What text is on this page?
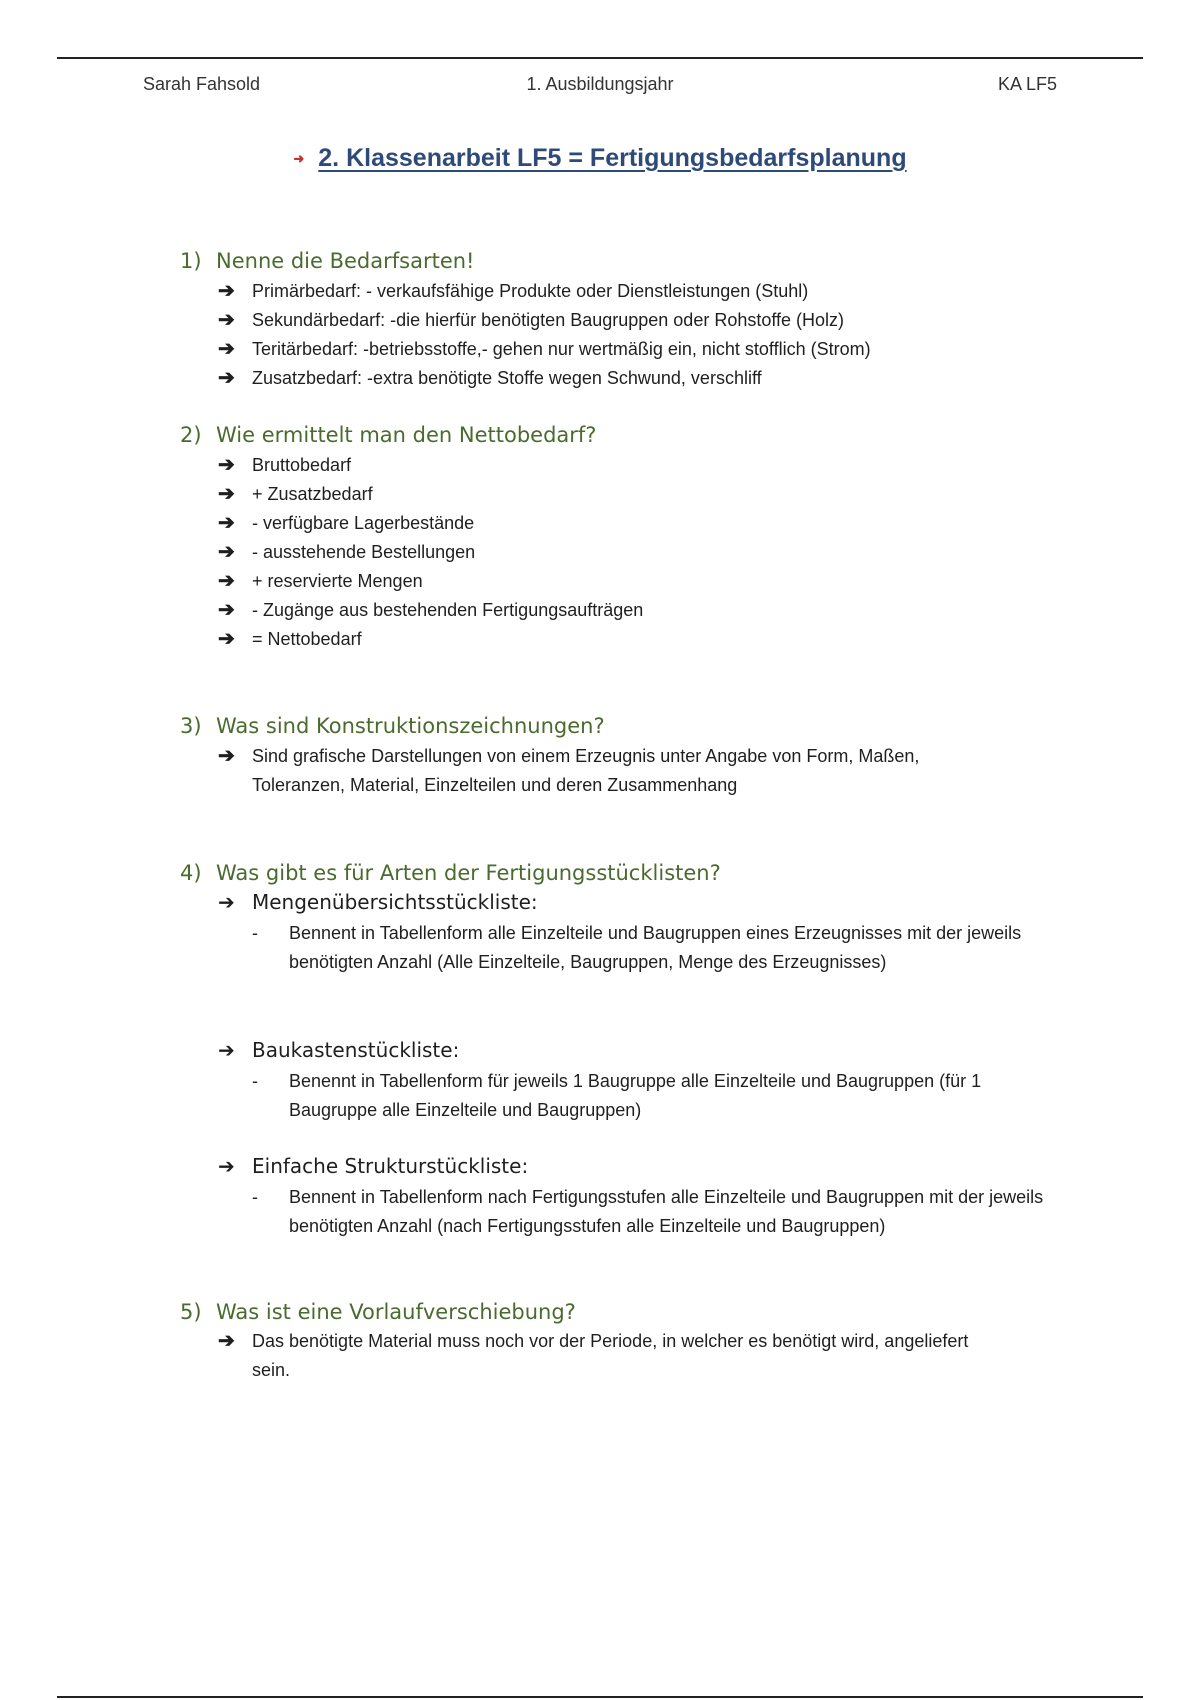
Sarah Fahsold	1. Ausbildungsjahr	KA LF5
➜ 2. Klassenarbeit LF5 = Fertigungsbedarfsplanung
1) Nenne die Bedarfsarten!
➔ Primärbedarf: - verkaufsfähige Produkte oder Dienstleistungen (Stuhl)
➔ Sekundärbedarf: -die hierfür benötigten Baugruppen oder Rohstoffe (Holz)
➔ Teritärbedarf: -betriebsstoffe,- gehen nur wertmäßig ein, nicht stofflich (Strom)
➔ Zusatzbedarf: -extra benötigte Stoffe wegen Schwund, verschliff
2) Wie ermittelt man den Nettobedarf?
➔ Bruttobedarf
➔ + Zusatzbedarf
➔ - verfügbare Lagerbestände
➔ - ausstehende Bestellungen
➔ + reservierte Mengen
➔ - Zugänge aus bestehenden Fertigungsaufträgen
➔ = Nettobedarf
3) Was sind Konstruktionszeichnungen?
➔ Sind grafische Darstellungen von einem Erzeugnis unter Angabe von Form, Maßen, Toleranzen, Material, Einzelteilen und deren Zusammenhang
4) Was gibt es für Arten der Fertigungsstücklisten?
➔ Mengenübersichtsstückliste:
- Bennent in Tabellenform alle Einzelteile und Baugruppen eines Erzeugnisses mit der jeweils benötigten Anzahl (Alle Einzelteile, Baugruppen, Menge des Erzeugnisses)
➔ Baukastenstückliste:
- Benennt in Tabellenform für jeweils 1 Baugruppe alle Einzelteile und Baugruppen (für 1 Baugruppe alle Einzelteile und Baugruppen)
➔ Einfache Strukturstückliste:
- Bennent in Tabellenform nach Fertigungsstufen alle Einzelteile und Baugruppen mit der jeweils benötigten Anzahl (nach Fertigungsstufen alle Einzelteile und Baugruppen)
5) Was ist eine Vorlaufverschiebung?
➔ Das benötigte Material muss noch vor der Periode, in welcher es benötigt wird, angeliefert sein.
